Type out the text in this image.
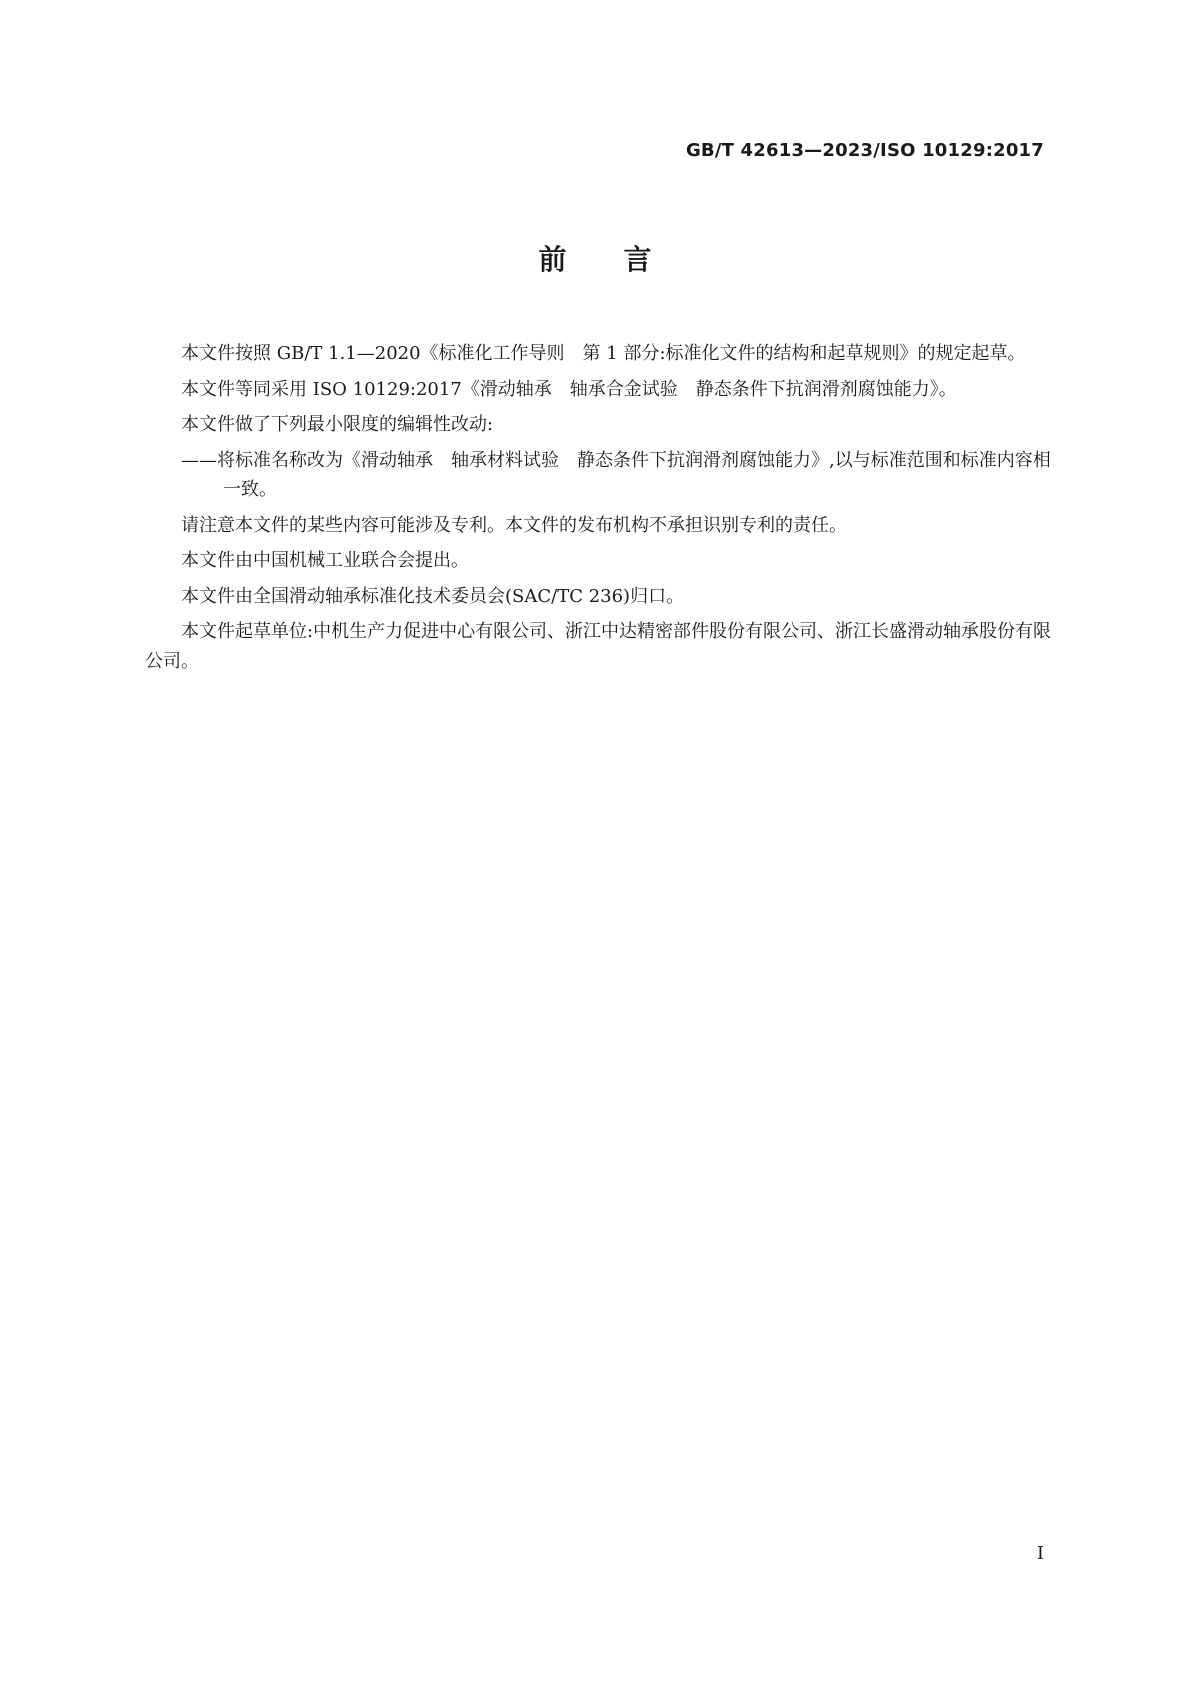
GB/T 42613—2023/ISO 10129:2017
前 言

本文件按照 GB/T 1.1—2020《标准化工作导则　第 1 部分:标准化文件的结构和起草规则》的规定起草。

本文件等同采用 ISO 10129:2017《滑动轴承　轴承合金试验　静态条件下抗润滑剂腐蚀能力》。

本文件做了下列最小限度的编辑性改动:

——将标准名称改为《滑动轴承　轴承材料试验　静态条件下抗润滑剂腐蚀能力》,以与标准范围和标准内容相一致。

请注意本文件的某些内容可能涉及专利。本文件的发布机构不承担识别专利的责任。

本文件由中国机械工业联合会提出。

本文件由全国滑动轴承标准化技术委员会(SAC/TC 236)归口。

本文件起草单位:中机生产力促进中心有限公司、浙江中达精密部件股份有限公司、浙江长盛滑动轴承股份有限公司。

Ⅰ
